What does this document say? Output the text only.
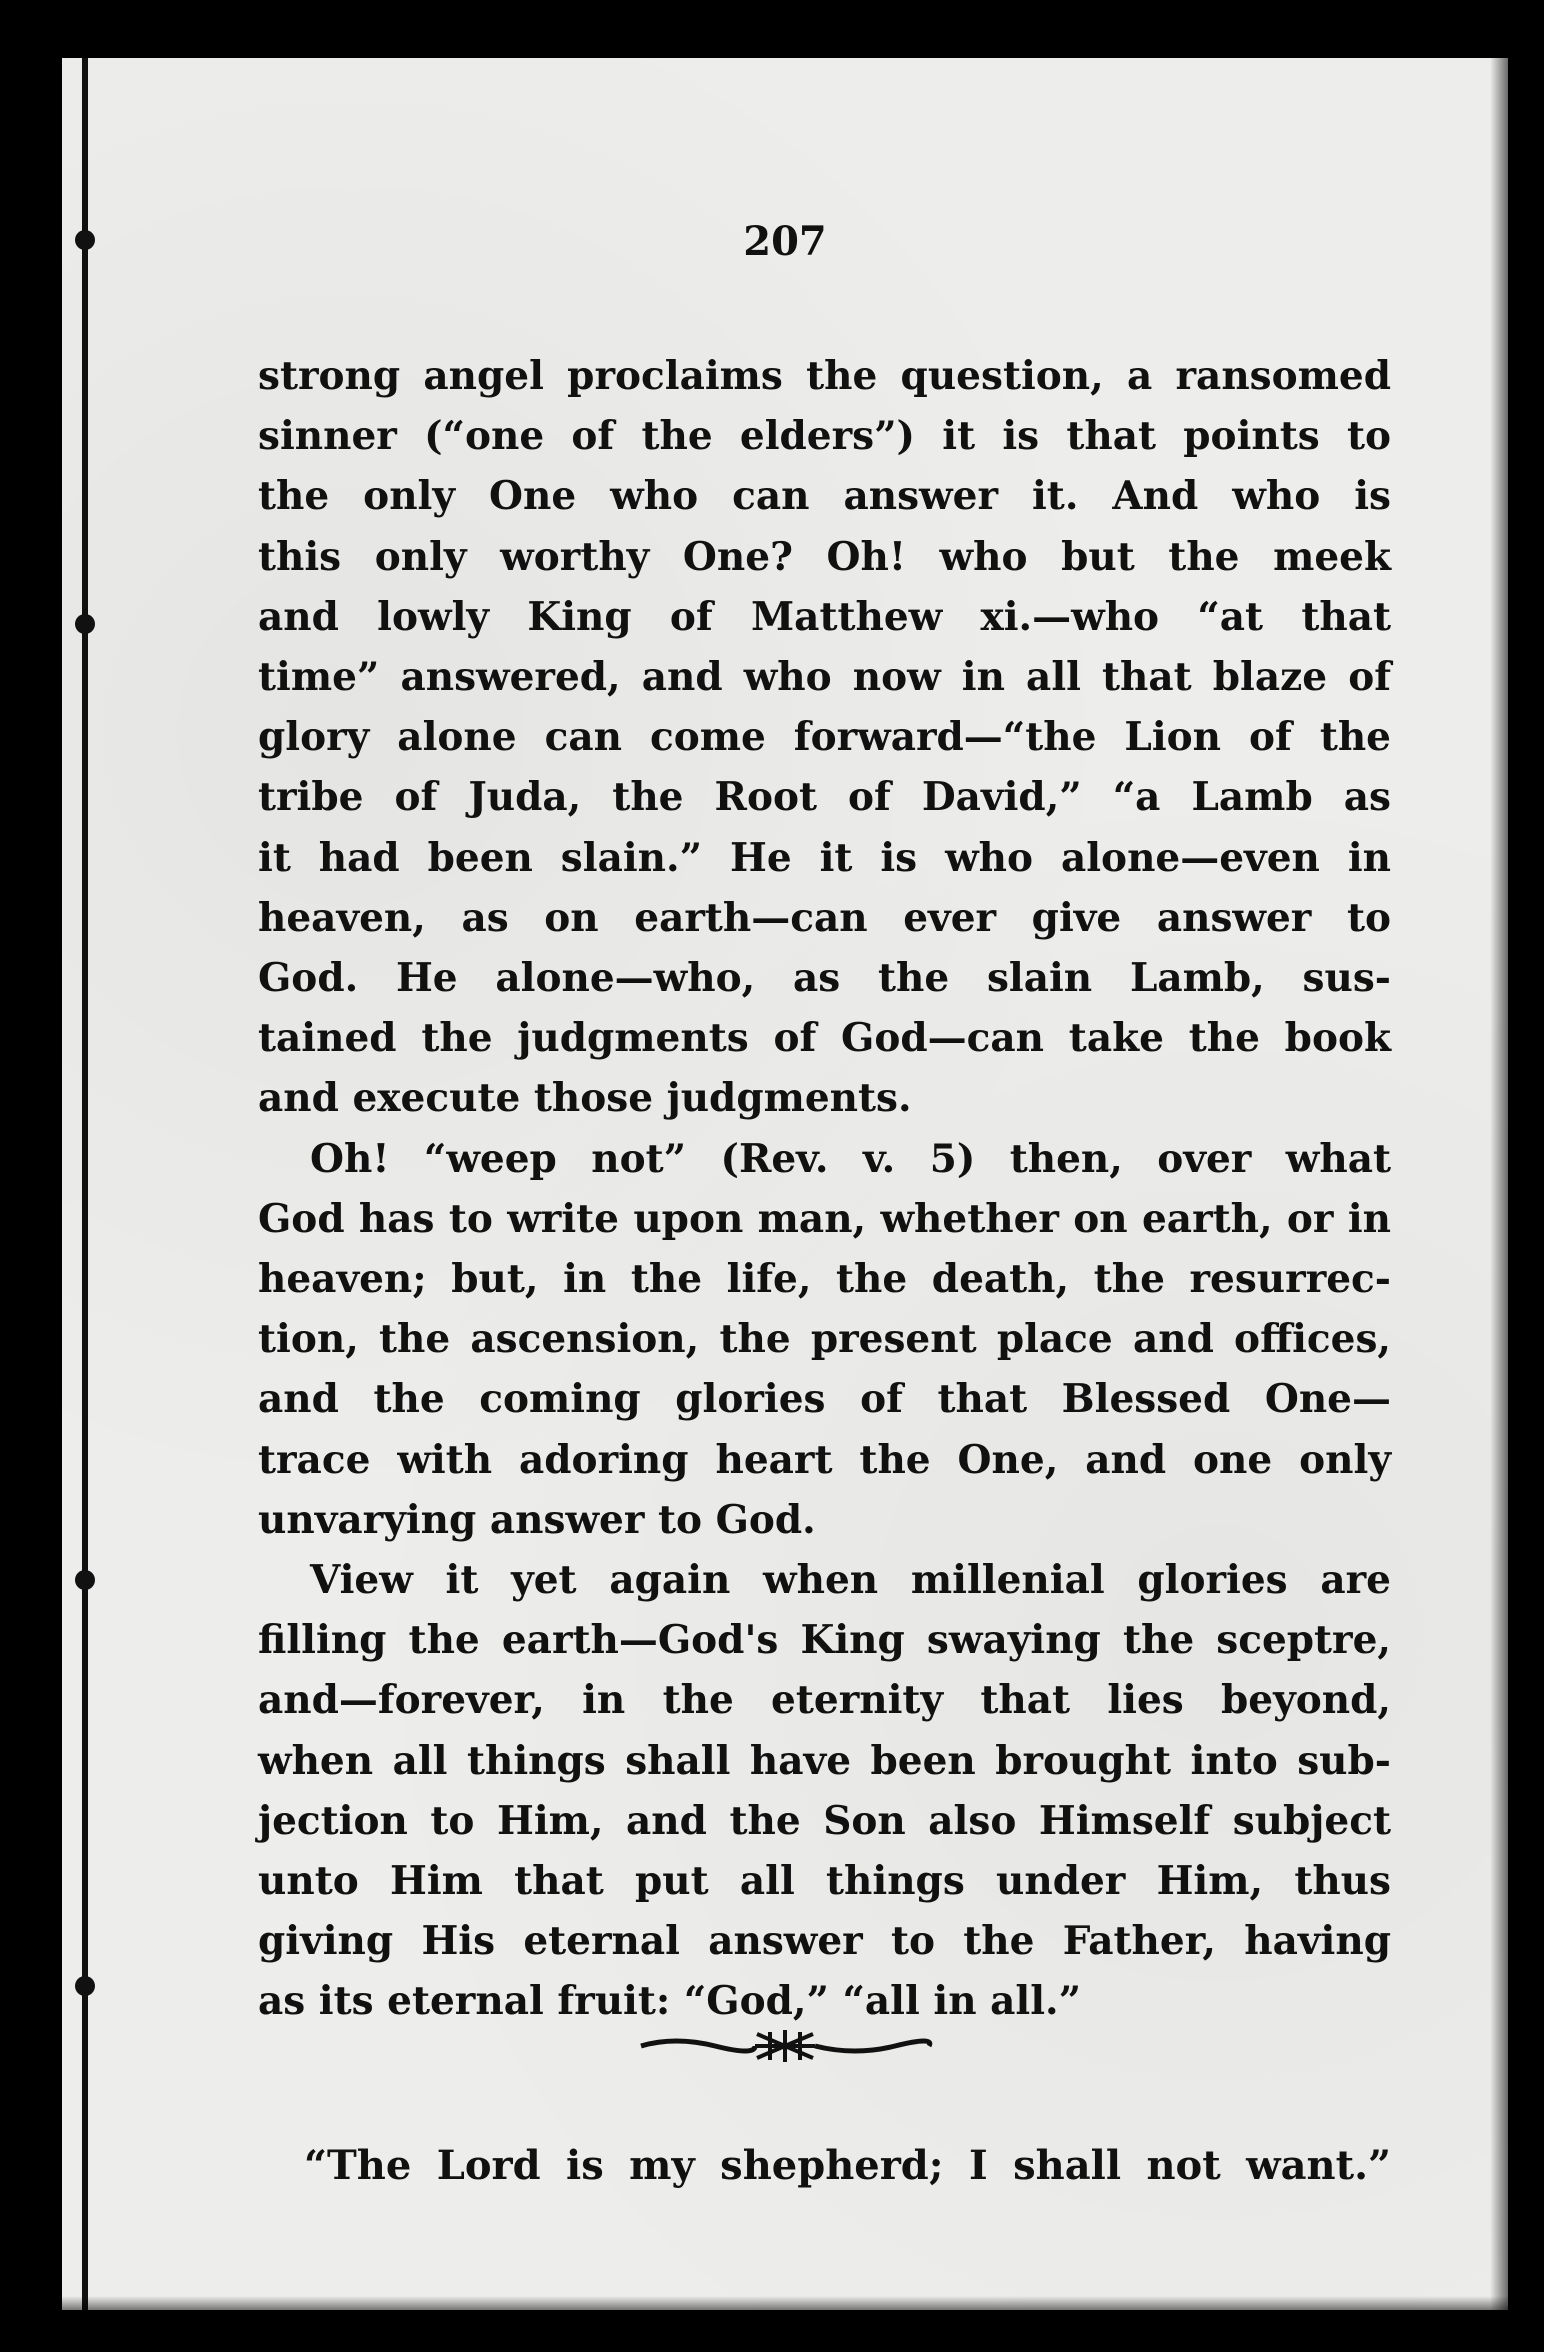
207
strong angel proclaims the question, a ransomed
sinner (“one of the elders”) it is that points to
the only One who can answer it. And who is
this only worthy One? Oh! who but the meek
and lowly King of Matthew xi.—who “at that
time” answered, and who now in all that blaze of
glory alone can come forward—“the Lion of the
tribe of Juda, the Root of David,” “a Lamb as
it had been slain.” He it is who alone—even in
heaven, as on earth—can ever give answer to
God. He alone—who, as the slain Lamb, sus-
tained the judgments of God—can take the book
and execute those judgments.
Oh! “weep not” (Rev. v. 5) then, over what
God has to write upon man, whether on earth, or in
heaven; but, in the life, the death, the resurrec-
tion, the ascension, the present place and offices,
and the coming glories of that Blessed One—
trace with adoring heart the One, and one only
unvarying answer to God.
View it yet again when millenial glories are
filling the earth—God's King swaying the sceptre,
and—forever, in the eternity that lies beyond,
when all things shall have been brought into sub-
jection to Him, and the Son also Himself subject
unto Him that put all things under Him, thus
giving His eternal answer to the Father, having
as its eternal fruit: “God,” “all in all.”
“The Lord is my shepherd; I shall not want.”
